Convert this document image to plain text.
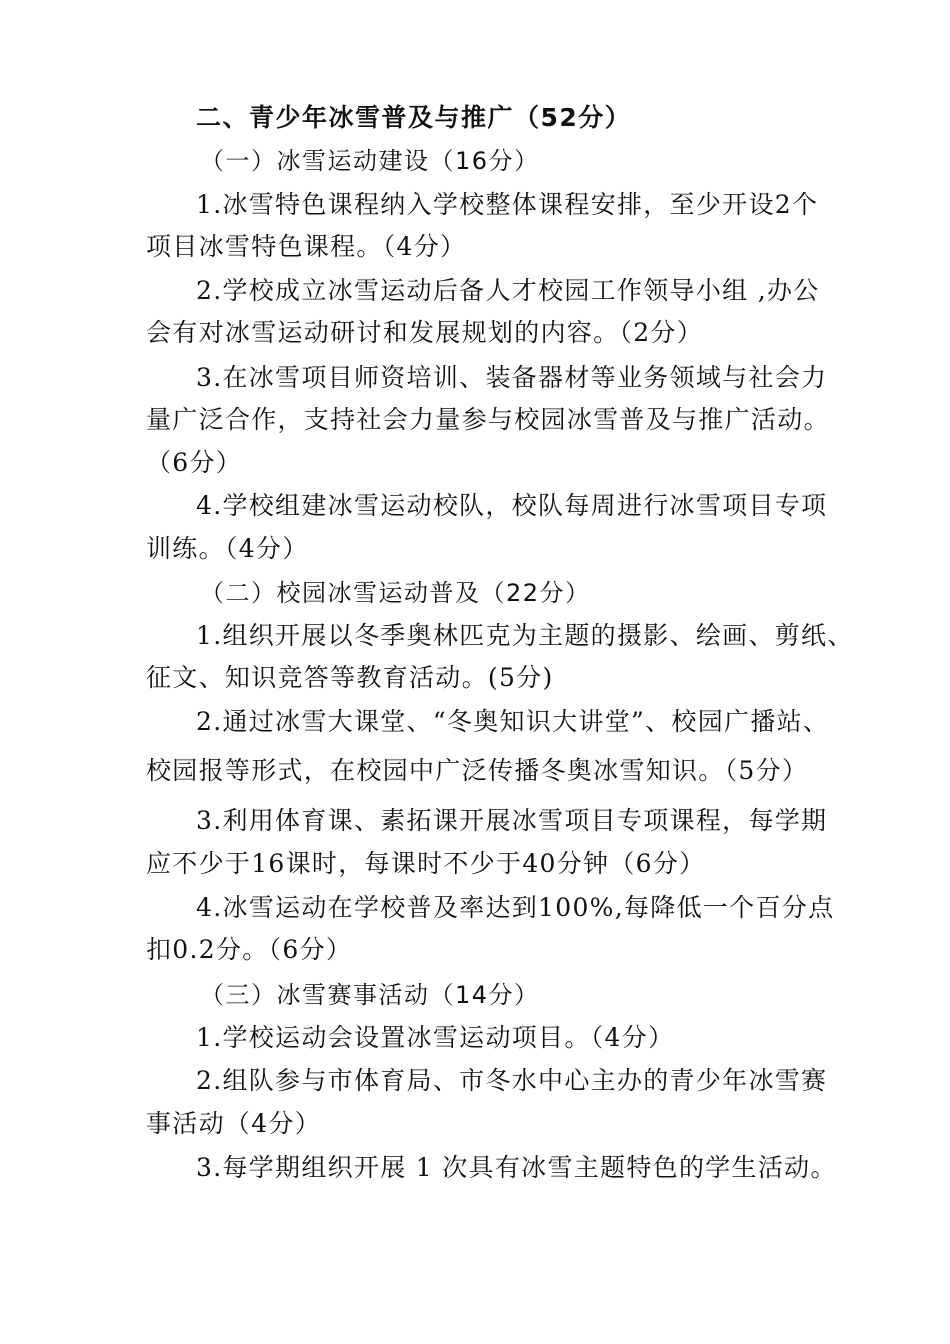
二、青少年冰雪普及与推广（52分）
（一）冰雪运动建设（16分）
1.冰雪特色课程纳入学校整体课程安排，至少开设2个
项目冰雪特色课程。（4分）
2.学校成立冰雪运动后备人才校园工作领导小组 ,办公
会有对冰雪运动研讨和发展规划的内容。（2分）
3.在冰雪项目师资培训、装备器材等业务领域与社会力
量广泛合作，支持社会力量参与校园冰雪普及与推广活动。
（6分）
4.学校组建冰雪运动校队，校队每周进行冰雪项目专项
训练。（4分）
（二）校园冰雪运动普及（22分）
1.组织开展以冬季奥林匹克为主题的摄影、绘画、剪纸、
征文、知识竞答等教育活动。(5分)
2.通过冰雪大课堂、“冬奥知识大讲堂”、校园广播站、
校园报等形式，在校园中广泛传播冬奥冰雪知识。（5分）
3.利用体育课、素拓课开展冰雪项目专项课程，每学期
应不少于16课时，每课时不少于40分钟（6分）
4.冰雪运动在学校普及率达到100%,每降低一个百分点
扣0.2分。（6分）
（三）冰雪赛事活动（14分）
1.学校运动会设置冰雪运动项目。（4分）
2.组队参与市体育局、市冬水中心主办的青少年冰雪赛
事活动（4分）
3.每学期组织开展 1 次具有冰雪主题特色的学生活动。
